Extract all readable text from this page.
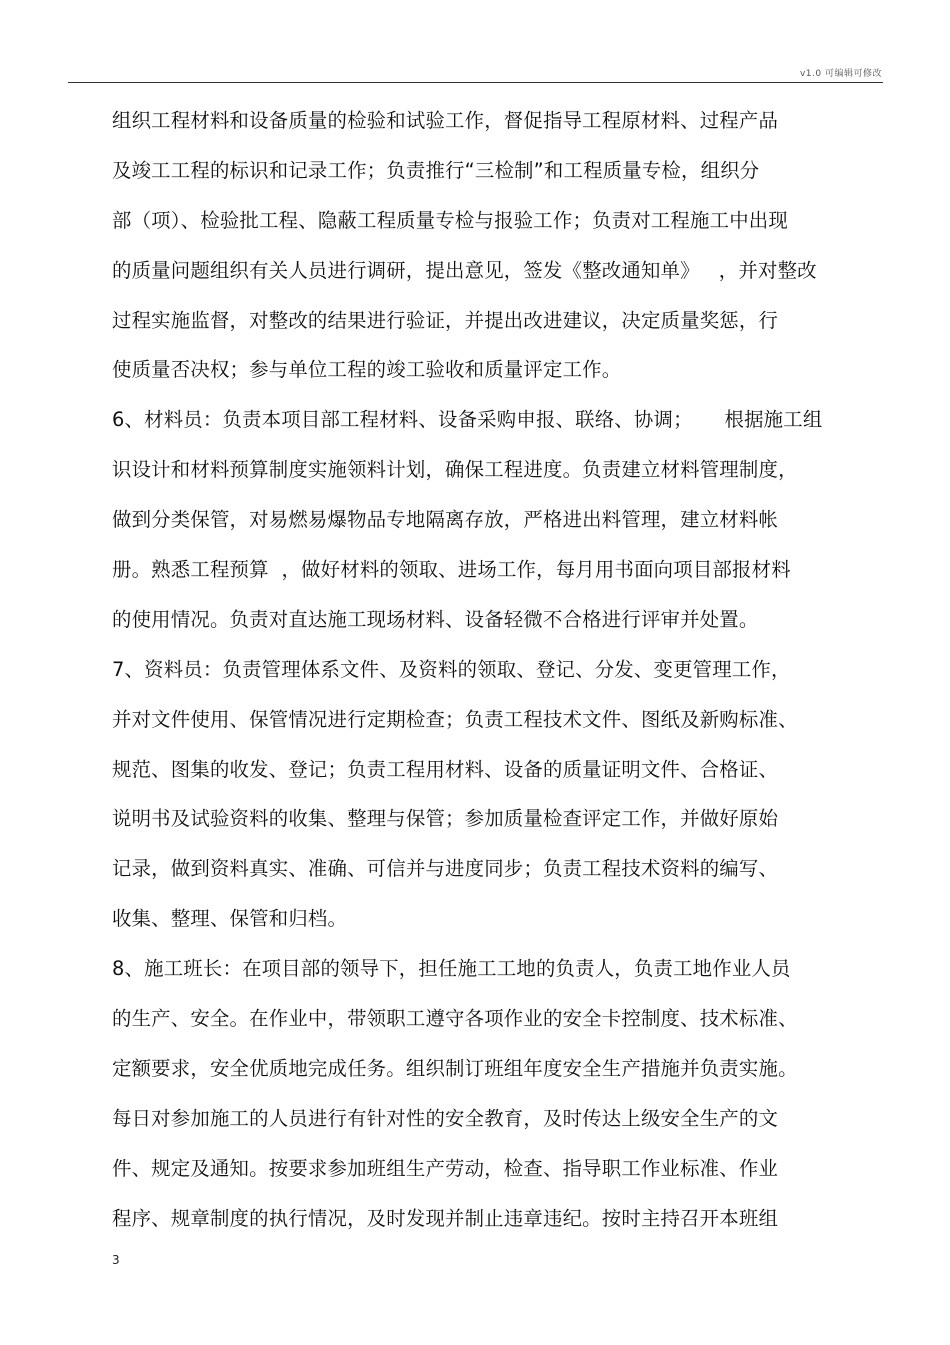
v1.0 可编辑可修改
组织工程材料和设备质量的检验和试验工作，督促指导工程原材料、过程产品
及竣工工程的标识和记录工作；负责推行“三检制”和工程质量专检，组织分
部（项）、检验批工程、隐蔽工程质量专检与报验工作；负责对工程施工中出现
的质量问题组织有关人员进行调研，提出意见，签发《整改通知单》   ，并对整改
过程实施监督，对整改的结果进行验证，并提出改进建议，决定质量奖惩，行
使质量否决权；参与单位工程的竣工验收和质量评定工作。
6、材料员：负责本项目部工程材料、设备采购申报、联络、协调；     根据施工组
识设计和材料预算制度实施领料计划，确保工程进度。负责建立材料管理制度，
做到分类保管，对易燃易爆物品专地隔离存放，严格进出料管理，建立材料帐
册。熟悉工程预算  ，做好材料的领取、进场工作，每月用书面向项目部报材料
的使用情况。负责对直达施工现场材料、设备轻微不合格进行评审并处置。
7、资料员：负责管理体系文件、及资料的领取、登记、分发、变更管理工作，
并对文件使用、保管情况进行定期检查；负责工程技术文件、图纸及新购标准、
规范、图集的收发、登记；负责工程用材料、设备的质量证明文件、合格证、
说明书及试验资料的收集、整理与保管；参加质量检查评定工作，并做好原始
记录，做到资料真实、准确、可信并与进度同步；负责工程技术资料的编写、
收集、整理、保管和归档。
8、施工班长：在项目部的领导下，担任施工工地的负责人，负责工地作业人员
的生产、安全。在作业中，带领职工遵守各项作业的安全卡控制度、技术标准、
定额要求，安全优质地完成任务。组织制订班组年度安全生产措施并负责实施。
每日对参加施工的人员进行有针对性的安全教育，及时传达上级安全生产的文
件、规定及通知。按要求参加班组生产劳动，检查、指导职工作业标准、作业
程序、规章制度的执行情况，及时发现并制止违章违纪。按时主持召开本班组
3
